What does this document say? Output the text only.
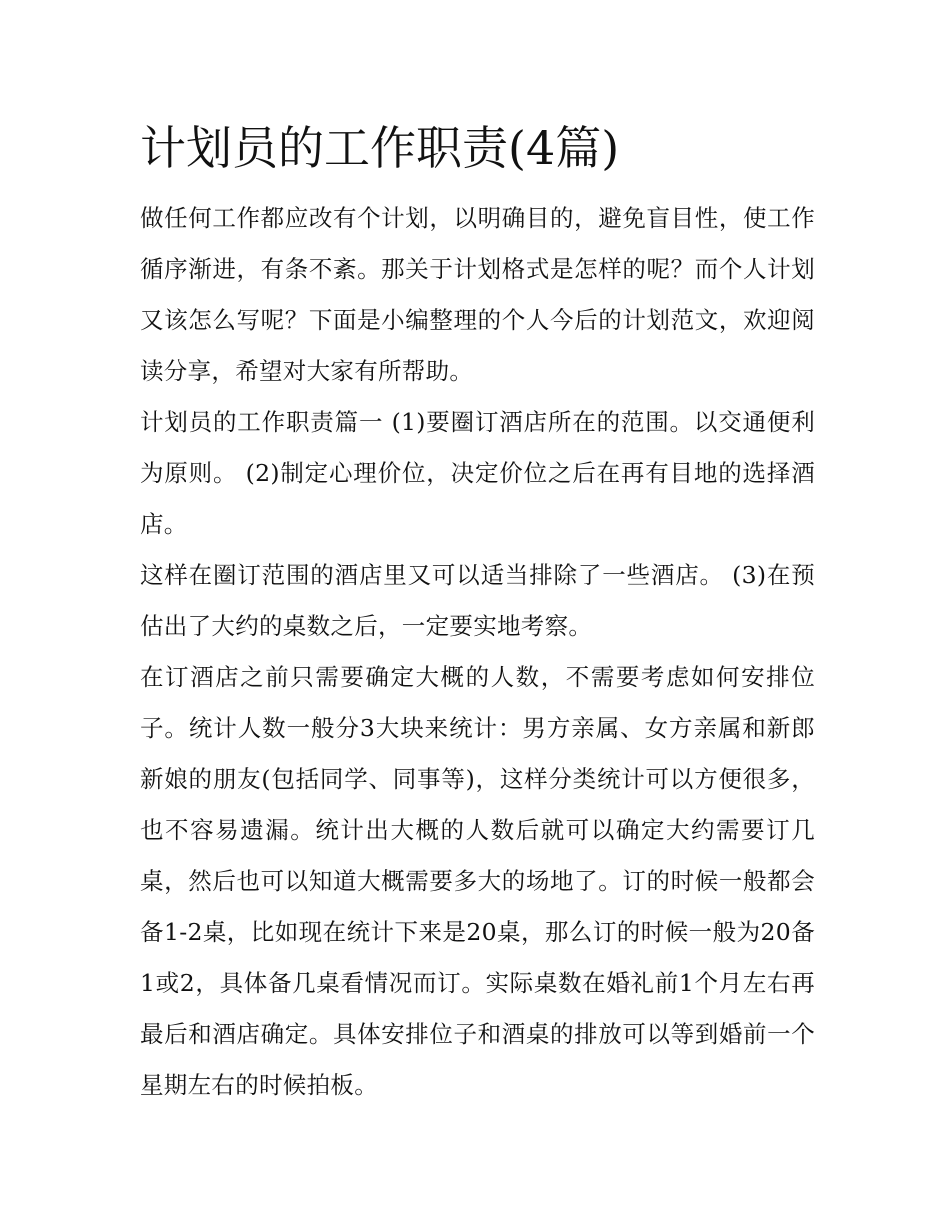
计划员的工作职责(4篇)

做任何工作都应改有个计划，以明确目的，避免盲目性，使工作循序渐进，有条不紊。那关于计划格式是怎样的呢？而个人计划又该怎么写呢？下面是小编整理的个人今后的计划范文，欢迎阅读分享，希望对大家有所帮助。

计划员的工作职责篇一 (1)要圈订酒店所在的范围。以交通便利为原则。 (2)制定心理价位，决定价位之后在再有目地的选择酒店。

这样在圈订范围的酒店里又可以适当排除了一些酒店。 (3)在预估出了大约的桌数之后，一定要实地考察。

在订酒店之前只需要确定大概的人数，不需要考虑如何安排位子。统计人数一般分3大块来统计：男方亲属、女方亲属和新郎新娘的朋友(包括同学、同事等)，这样分类统计可以方便很多，也不容易遗漏。统计出大概的人数后就可以确定大约需要订几桌，然后也可以知道大概需要多大的场地了。订的时候一般都会备1-2桌，比如现在统计下来是20桌，那么订的时候一般为20备1或2，具体备几桌看情况而订。实际桌数在婚礼前1个月左右再最后和酒店确定。具体安排位子和酒桌的排放可以等到婚前一个星期左右的时候拍板。
